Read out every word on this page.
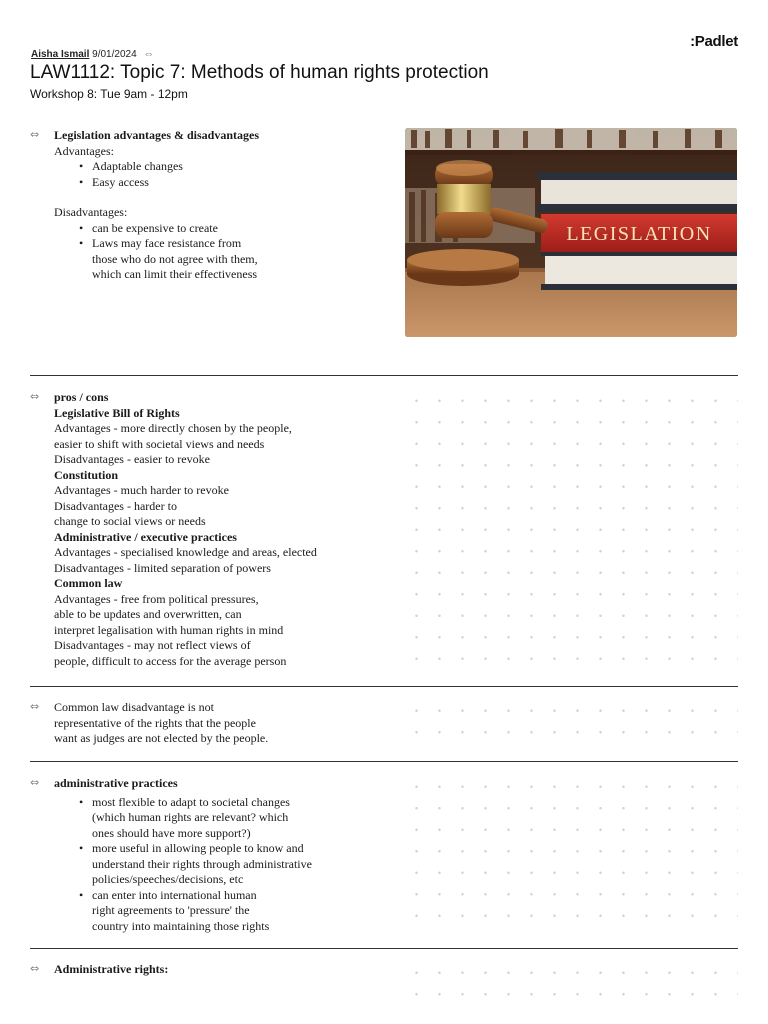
Aisha Ismail 9/01/2024 ⇔
:Padlet
LAW1112: Topic 7: Methods of human rights protection
Workshop 8: Tue 9am - 12pm
⇔ Legislation advantages & disadvantages
Advantages:
• Adaptable changes
• Easy access
Disadvantages:
• can be expensive to create
• Laws may face resistance from
those who do not agree with them,
which can limit their effectiveness
LEGISLATION
⇔ pros / cons
Legislative Bill of Rights
Advantages - more directly chosen by the people,
easier to shift with societal views and needs
Disadvantages - easier to revoke
Constitution
Advantages - much harder to revoke
Disadvantages - harder to
change to social views or needs
Administrative / executive practices
Advantages - specialised knowledge and areas, elected
Disadvantages - limited separation of powers
Common law
Advantages - free from political pressures,
able to be updates and overwritten, can
interpret legalisation with human rights in mind
Disadvantages - may not reflect views of
people, difficult to access for the average person
⇔ Common law disadvantage is not
representative of the rights that the people
want as judges are not elected by the people.
⇔ administrative practices
• most flexible to adapt to societal changes
(which human rights are relevant? which
ones should have more support?)
• more useful in allowing people to know and
understand their rights through administrative
policies/speeches/decisions, etc
• can enter into international human
right agreements to 'pressure' the
country into maintaining those rights
⇔ Administrative rights:
